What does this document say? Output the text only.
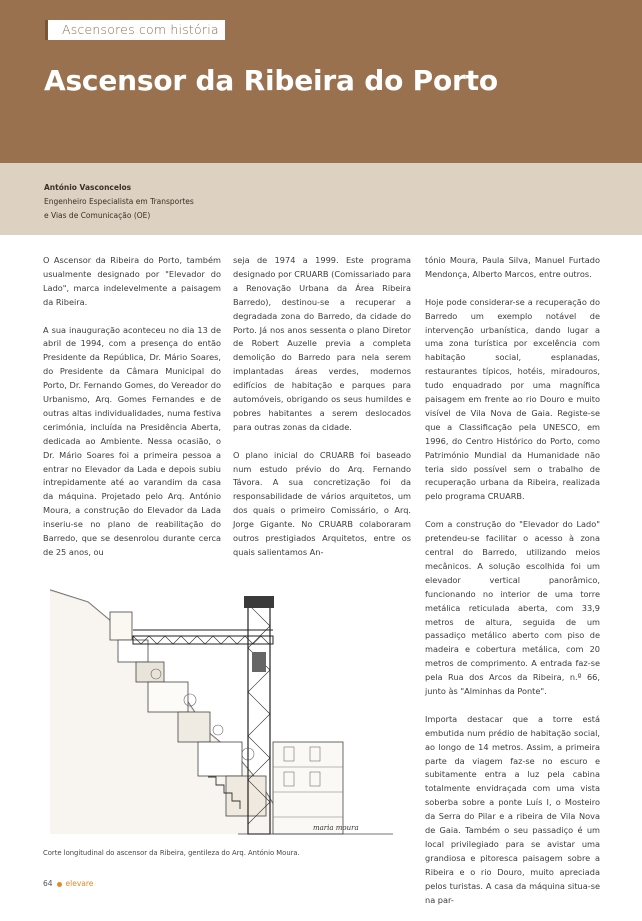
Ascensores com história
Ascensor da Ribeira do Porto
António Vasconcelos
Engenheiro Especialista em Transportes
e Vias de Comunicação (OE)

O Ascensor da Ribeira do Porto, também usualmente designado por "Elevador do Lado", marca indelevelmente a paisagem da Ribeira.

A sua inauguração aconteceu no dia 13 de abril de 1994, com a presença do então Presidente da República, Dr. Mário Soares, do Presidente da Câmara Municipal do Porto, Dr. Fernando Gomes, do Vereador do Urbanismo, Arq. Gomes Fernandes e de outras altas individualidades, numa festiva cerimónia, incluída na Presidência Aberta, dedicada ao Ambiente. Nessa ocasião, o Dr. Mário Soares foi a primeira pessoa a entrar no Elevador da Lada e depois subiu intrepidamente até ao varandim da casa da máquina. Projetado pelo Arq. António Moura, a construção do Elevador da Lada inseriu-se no plano de reabilitação do Barredo, que se desenrolou durante cerca de 25 anos, ou

seja de 1974 a 1999. Este programa designado por CRUARB (Comissariado para a Renovação Urbana da Área Ribeira Barredo), destinou-se a recuperar a degradada zona do Barredo, da cidade do Porto. Já nos anos sessenta o plano Diretor de Robert Auzelle previa a completa demolição do Barredo para nela serem implantadas áreas verdes, modernos edifícios de habitação e parques para automóveis, obrigando os seus humildes e pobres habitantes a serem deslocados para outras zonas da cidade.

O plano inicial do CRUARB foi baseado num estudo prévio do Arq. Fernando Távora. A sua concretização foi da responsabilidade de vários arquitetos, um dos quais o primeiro Comissário, o Arq. Jorge Gigante. No CRUARB colaboraram outros prestigiados Arquitetos, entre os quais salientamos An-

tónio Moura, Paula Silva, Manuel Furtado Mendonça, Alberto Marcos, entre outros.

Hoje pode considerar-se a recuperação do Barredo um exemplo notável de intervenção urbanística, dando lugar a uma zona turística por excelência com habitação social, esplanadas, restaurantes típicos, hotéis, miradouros, tudo enquadrado por uma magnífica paisagem em frente ao rio Douro e muito visível de Vila Nova de Gaia. Registe-se que a Classificação pela UNESCO, em 1996, do Centro Histórico do Porto, como Património Mundial da Humanidade não teria sido possível sem o trabalho de recuperação urbana da Ribeira, realizada pelo programa CRUARB.

Com a construção do "Elevador do Lado" pretendeu-se facilitar o acesso à zona central do Barredo, utilizando meios mecânicos. A solução escolhida foi um elevador vertical panorâmico, funcionando no interior de uma torre metálica reticulada aberta, com 33,9 metros de altura, seguida de um passadiço metálico aberto com piso de madeira e cobertura metálica, com 20 metros de comprimento. A entrada faz-se pela Rua dos Arcos da Ribeira, n.º 66, junto às "Alminhas da Ponte".

Importa destacar que a torre está embutida num prédio de habitação social, ao longo de 14 metros. Assim, a primeira parte da viagem faz-se no escuro e subitamente entra a luz pela cabina totalmente envidraçada com uma vista soberba sobre a ponte Luís I, o Mosteiro da Serra do Pilar e a ribeira de Vila Nova de Gaia. Também o seu passadiço é um local privilegiado para se avistar uma grandiosa e pitoresca paisagem sobre a Ribeira e o rio Douro, muito apreciada pelos turistas. A casa da máquina situa-se na par-

maria moura
Corte longitudinal do ascensor da Ribeira, gentileza do Arq. António Moura.
64 elevare
